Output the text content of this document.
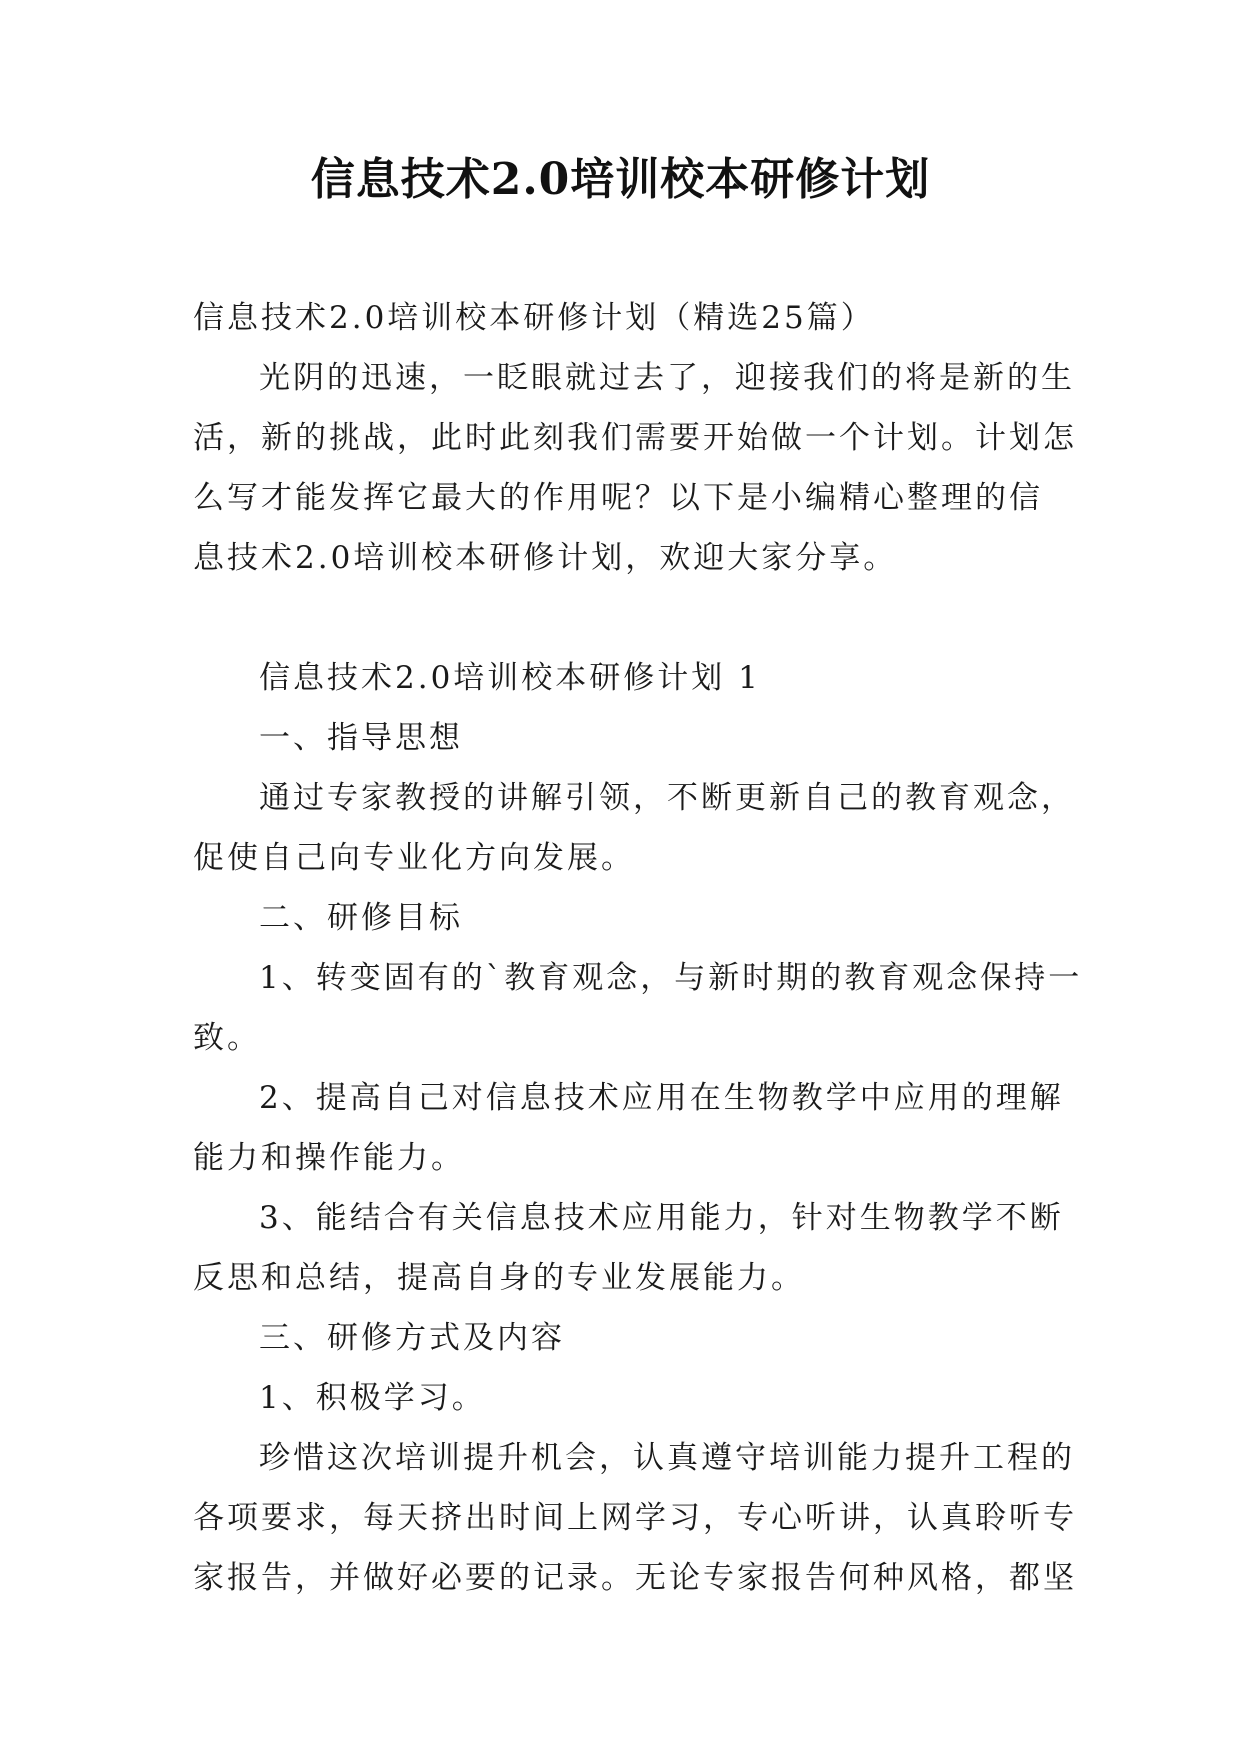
信息技术2.0培训校本研修计划
信息技术2.0培训校本研修计划（精选25篇）
光阴的迅速，一眨眼就过去了，迎接我们的将是新的生
活，新的挑战，此时此刻我们需要开始做一个计划。计划怎
么写才能发挥它最大的作用呢？以下是小编精心整理的信
息技术2.0培训校本研修计划，欢迎大家分享。
信息技术2.0培训校本研修计划 1
一、指导思想
通过专家教授的讲解引领，不断更新自己的教育观念，
促使自己向专业化方向发展。
二、研修目标
1、转变固有的`教育观念，与新时期的教育观念保持一
致。
2、提高自己对信息技术应用在生物教学中应用的理解
能力和操作能力。
3、能结合有关信息技术应用能力，针对生物教学不断
反思和总结，提高自身的专业发展能力。
三、研修方式及内容
1、积极学习。
珍惜这次培训提升机会，认真遵守培训能力提升工程的
各项要求，每天挤出时间上网学习，专心听讲，认真聆听专
家报告，并做好必要的记录。无论专家报告何种风格，都坚
